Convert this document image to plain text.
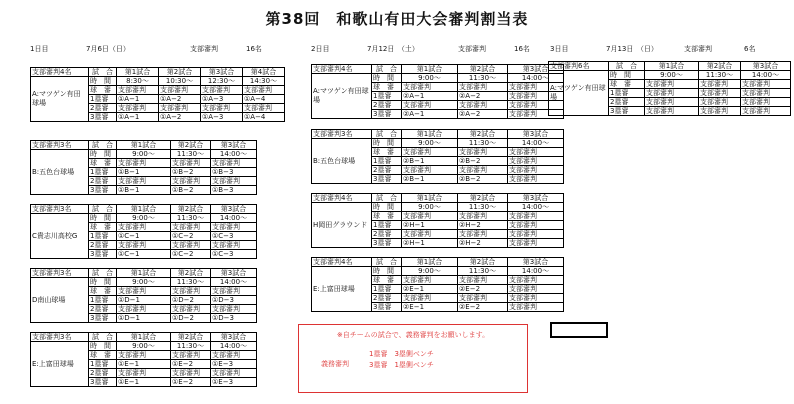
第38回　和歌山有田大会審判割当表
1日目	7月6日（日）	支部審判	16名	2日目	7月12日　（土）	支部審判	16名	3日目	7月13日　（日）	支部審判	6名
支部審判4名	試　合	第1試合	第2試合	第3試合	第4試合
A:マツゲン有田球場	時　間	8:30～	10:30～	12:30～	14:30～
	球　審	支部審判	支部審判	支部審判	支部審判
	1塁審	①A−1	①A−2	①A−3	①A−4
	2塁審	支部審判	支部審判	支部審判	支部審判
	3塁審	①A−1	①A−2	①A−3	①A−4
支部審判3名	試　合	第1試合	第2試合	第3試合
B:五色台球場	時　間	9:00～	11:30～	14:00～
	球　審	支部審判	支部審判	支部審判
	1塁審	①B−1	①B−2	①B−3
	2塁審	支部審判	支部審判	支部審判
	3塁審	①B−1	①B−2	①B−3
支部審判3名	試　合	第1試合	第2試合	第3試合
C貴志川高校G	時　間	9:00～	11:30～	14:00～
	球　審	支部審判	支部審判	支部審判
	1塁審	①C−1	①C−2	①C−3
	2塁審	支部審判	支部審判	支部審判
	3塁審	①C−1	①C−2	①C−3
支部審判3名	試　合	第1試合	第2試合	第3試合
D南山球場	時　間	9:00～	11:30～	14:00～
	球　審	支部審判	支部審判	支部審判
	1塁審	①D−1	①D−2	①D−3
	2塁審	支部審判	支部審判	支部審判
	3塁審	①D−1	①D−2	①D−3
支部審判3名	試　合	第1試合	第2試合	第3試合
E:上富田球場	時　間	9:00～	11:30～	14:00～
	球　審	支部審判	支部審判	支部審判
	1塁審	①E−1	①E−2	①E−3
	2塁審	支部審判	支部審判	支部審判
	3塁審	①E−1	①E−2	①E−3
支部審判4名	試　合	第1試合	第2試合	第3試合
A:マツゲン有田球場	時　間	9:00～	11:30～	14:00～
	球　審	支部審判	支部審判	支部審判
	1塁審	②A−1	②A−2	支部審判
	2塁審	支部審判	支部審判	支部審判
	3塁審	②A−1	②A−2	支部審判
支部審判3名	試　合	第1試合	第2試合	第3試合
B:五色台球場	時　間	9:00～	11:30～	14:00～
	球　審	支部審判	支部審判	支部審判
	1塁審	②B−1	②B−2	支部審判
	2塁審	支部審判	支部審判	支部審判
	3塁審	②B−1	②B−2	支部審判
支部審判4名	試　合	第1試合	第2試合	第3試合
H岡田グラウンド	時　間	9:00～	11:30～	14:00～
	球　審	支部審判	支部審判	支部審判
	1塁審	②H−1	②H−2	支部審判
	2塁審	支部審判	支部審判	支部審判
	3塁審	②H−1	②H−2	支部審判
支部審判4名	試　合	第1試合	第2試合	第3試合
E:上富田球場	時　間	9:00～	11:30～	14:00～
	球　審	支部審判	支部審判	支部審判
	1塁審	②E−1	②E−2	支部審判
	2塁審	支部審判	支部審判	支部審判
	3塁審	②E−1	②E−2	支部審判
支部審判6名	試　合	第1試合	第2試合	第3試合
A:マツゲン有田球場	時　間	9:00～	11:30～	14:00～
	球　審	支部審判	支部審判	支部審判
	1塁審	支部審判	支部審判	支部審判
	2塁審	支部審判	支部審判	支部審判
	3塁審	支部審判	支部審判	支部審判
※自チームの試合で、義務審判をお願いします。
義務審判
1塁審　3塁側ベンチ
3塁審　1塁側ベンチ
